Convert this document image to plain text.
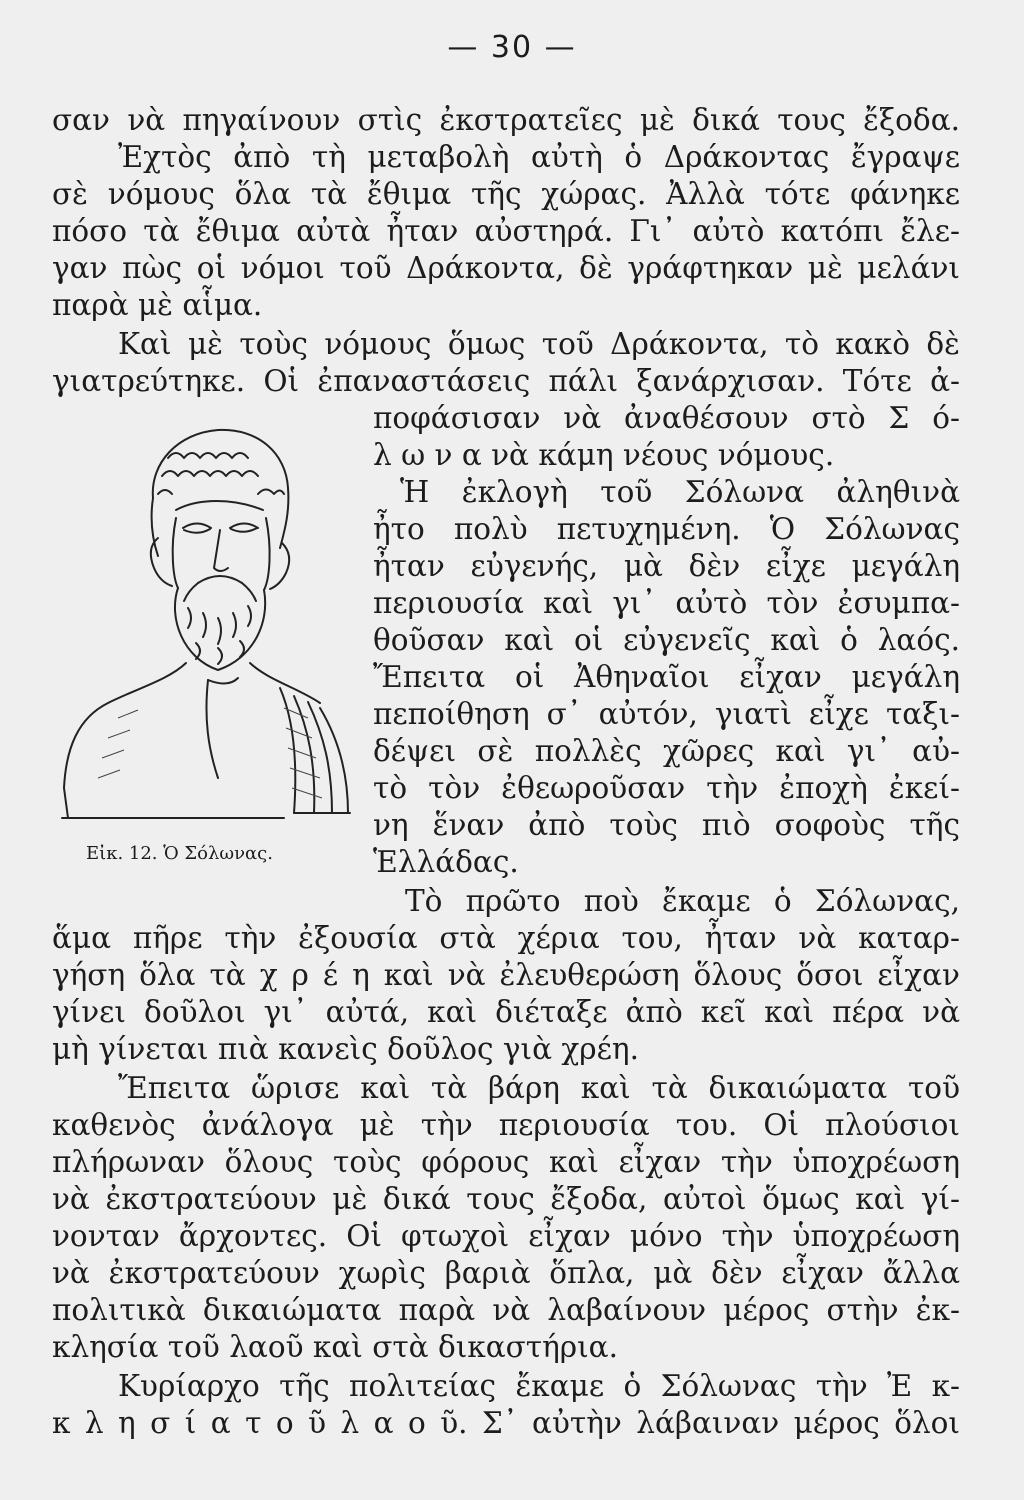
— 30 —
σαν νὰ πηγαίνουν στὶς ἐκστρατεῖες μὲ δικά τους ἔξοδα.
Ἐχτὸς ἀπὸ τὴ μεταβολὴ αὐτὴ ὁ Δράκοντας ἔγραψε
σὲ νόμους ὅλα τὰ ἔθιμα τῆς χώρας. Ἀλλὰ τότε φάνηκε
πόσο τὰ ἔθιμα αὐτὰ ἦταν αὐστηρά. Γι᾿ αὐτὸ κατόπι ἔλε-
γαν πὼς οἱ νόμοι τοῦ Δράκοντα, δὲ γράφτηκαν μὲ μελάνι
παρὰ μὲ αἷμα.
Καὶ μὲ τοὺς νόμους ὅμως τοῦ Δράκοντα, τὸ κακὸ δὲ
γιατρεύτηκε. Οἱ ἐπαναστάσεις πάλι ξανάρχισαν. Τότε ἀ-
Εἰκ. 12. Ὁ Σόλωνας.
ποφάσισαν νὰ ἀναθέσουν στὸ Σ ό-
λ ω ν α νὰ κάμη νέους νόμους.
Ἡ ἐκλογὴ τοῦ Σόλωνα ἀληθινὰ
ἦτο πολὺ πετυχημένη. Ὁ Σόλωνας
ἦταν εὐγενής, μὰ δὲν εἶχε μεγάλη
περιουσία καὶ γι᾿ αὐτὸ τὸν ἐσυμπα-
θοῦσαν καὶ οἱ εὐγενεῖς καὶ ὁ λαός.
Ἔπειτα οἱ Ἀθηναῖοι εἶχαν μεγάλη
πεποίθηση σ᾿ αὐτόν, γιατὶ εἶχε ταξι-
δέψει σὲ πολλὲς χῶρες καὶ γι᾿ αὐ-
τὸ τὸν ἐθεωροῦσαν τὴν ἐποχὴ ἐκεί-
νη ἕναν ἀπὸ τοὺς πιὸ σοφοὺς τῆς
Ἑλλάδας.
Τὸ πρῶτο ποὺ ἔκαμε ὁ Σόλωνας,
ἅμα πῆρε τὴν ἐξουσία στὰ χέρια του, ἦταν νὰ καταρ-
γήση ὅλα τὰ χ ρ έ η καὶ νὰ ἐλευθερώση ὅλους ὅσοι εἶχαν
γίνει δοῦλοι γι᾿ αὐτά, καὶ διέταξε ἀπὸ κεῖ καὶ πέρα νὰ
μὴ γίνεται πιὰ κανεὶς δοῦλος γιὰ χρέη.
Ἔπειτα ὥρισε καὶ τὰ βάρη καὶ τὰ δικαιώματα τοῦ
καθενὸς ἀνάλογα μὲ τὴν περιουσία του. Οἱ πλούσιοι
πλήρωναν ὅλους τοὺς φόρους καὶ εἶχαν τὴν ὑποχρέωση
νὰ ἐκστρατεύουν μὲ δικά τους ἔξοδα, αὐτοὶ ὅμως καὶ γί-
νονταν ἄρχοντες. Οἱ φτωχοὶ εἶχαν μόνο τὴν ὑποχρέωση
νὰ ἐκστρατεύουν χωρὶς βαριὰ ὅπλα, μὰ δὲν εἶχαν ἄλλα
πολιτικὰ δικαιώματα παρὰ νὰ λαβαίνουν μέρος στὴν ἐκ-
κλησία τοῦ λαοῦ καὶ στὰ δικαστήρια.
Κυρίαρχο τῆς πολιτείας ἔκαμε ὁ Σόλωνας τὴν Ἐ κ-
κ λ η σ ί α τ ο ῦ λ α ο ῦ. Σ᾿ αὐτὴν λάβαιναν μέρος ὅλοι
